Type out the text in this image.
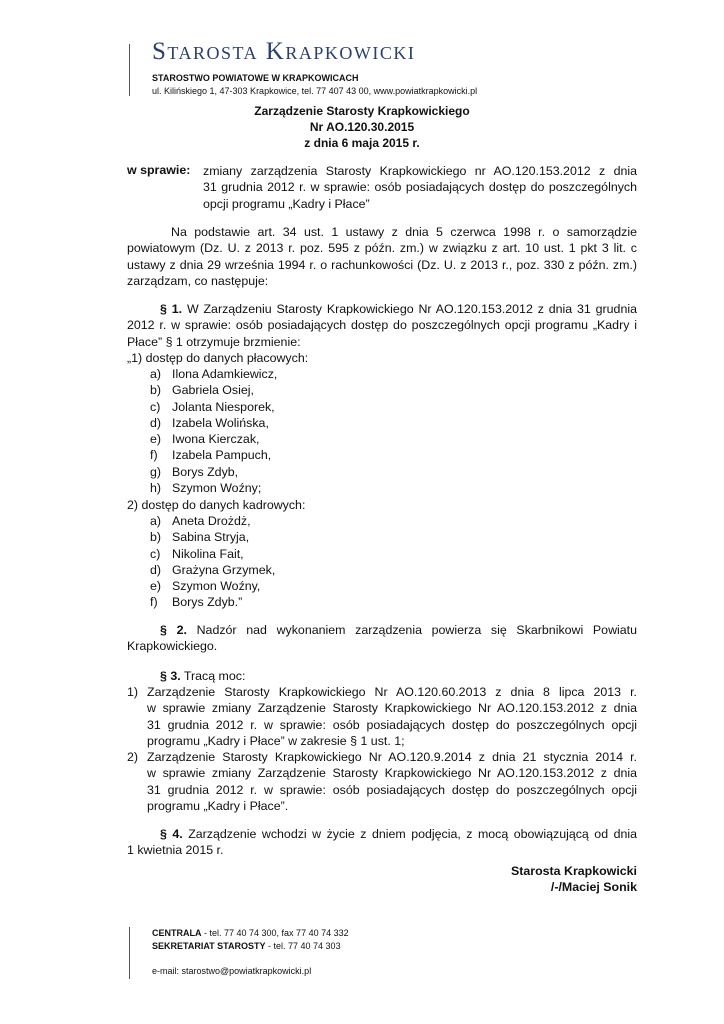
Starosta Krapkowicki
STAROSTWO POWIATOWE W KRAPKOWICACH
ul. Kilińskiego 1, 47-303 Krapkowice, tel. 77 407 43 00, www.powiatkrapkowicki.pl
Zarządzenie Starosty Krapkowickiego
Nr AO.120.30.2015
z dnia 6 maja 2015 r.
w sprawie: zmiany zarządzenia Starosty Krapkowickiego nr AO.120.153.2012 z dnia
31 grudnia 2012 r. w sprawie: osób posiadających dostęp do poszczególnych
opcji programu „Kadry i Płace”
Na podstawie art. 34 ust. 1 ustawy z dnia 5 czerwca 1998 r. o samorządzie
powiatowym (Dz. U. z 2013 r. poz. 595 z późn. zm.) w związku z art. 10 ust. 1 pkt 3 lit. c
ustawy z dnia 29 września 1994 r. o rachunkowości (Dz. U. z 2013 r., poz. 330 z późn. zm.)
zarządzam, co następuje:
§ 1. W Zarządzeniu Starosty Krapkowickiego Nr AO.120.153.2012 z dnia 31 grudnia
2012 r. w sprawie: osób posiadających dostęp do poszczególnych opcji programu „Kadry i
Płace” § 1 otrzymuje brzmienie:
„1) dostęp do danych płacowych:
a) Ilona Adamkiewicz,
b) Gabriela Osiej,
c) Jolanta Niesporek,
d) Izabela Wolińska,
e) Iwona Kierczak,
f) Izabela Pampuch,
g) Borys Zdyb,
h) Szymon Woźny;
2) dostęp do danych kadrowych:
a) Aneta Drożdż,
b) Sabina Stryja,
c) Nikolina Fait,
d) Grażyna Grzymek,
e) Szymon Woźny,
f) Borys Zdyb.”
§ 2. Nadzór nad wykonaniem zarządzenia powierza się Skarbnikowi Powiatu
Krapkowickiego.
§ 3. Tracą moc:
1) Zarządzenie Starosty Krapkowickiego Nr AO.120.60.2013 z dnia 8 lipca 2013 r.
w sprawie zmiany Zarządzenie Starosty Krapkowickiego Nr AO.120.153.2012 z dnia
31 grudnia 2012 r. w sprawie: osób posiadających dostęp do poszczególnych opcji
programu „Kadry i Płace” w zakresie § 1 ust. 1;
2) Zarządzenie Starosty Krapkowickiego Nr AO.120.9.2014 z dnia 21 stycznia 2014 r.
w sprawie zmiany Zarządzenie Starosty Krapkowickiego Nr AO.120.153.2012 z dnia
31 grudnia 2012 r. w sprawie: osób posiadających dostęp do poszczególnych opcji
programu „Kadry i Płace”.
§ 4. Zarządzenie wchodzi w życie z dniem podjęcia, z mocą obowiązującą od dnia
1 kwietnia 2015 r.
Starosta Krapkowicki
/-/Maciej Sonik
CENTRALA - tel. 77 40 74 300, fax 77 40 74 332
SEKRETARIAT STAROSTY - tel. 77 40 74 303
e-mail: starostwo@powiatkrapkowicki.pl
